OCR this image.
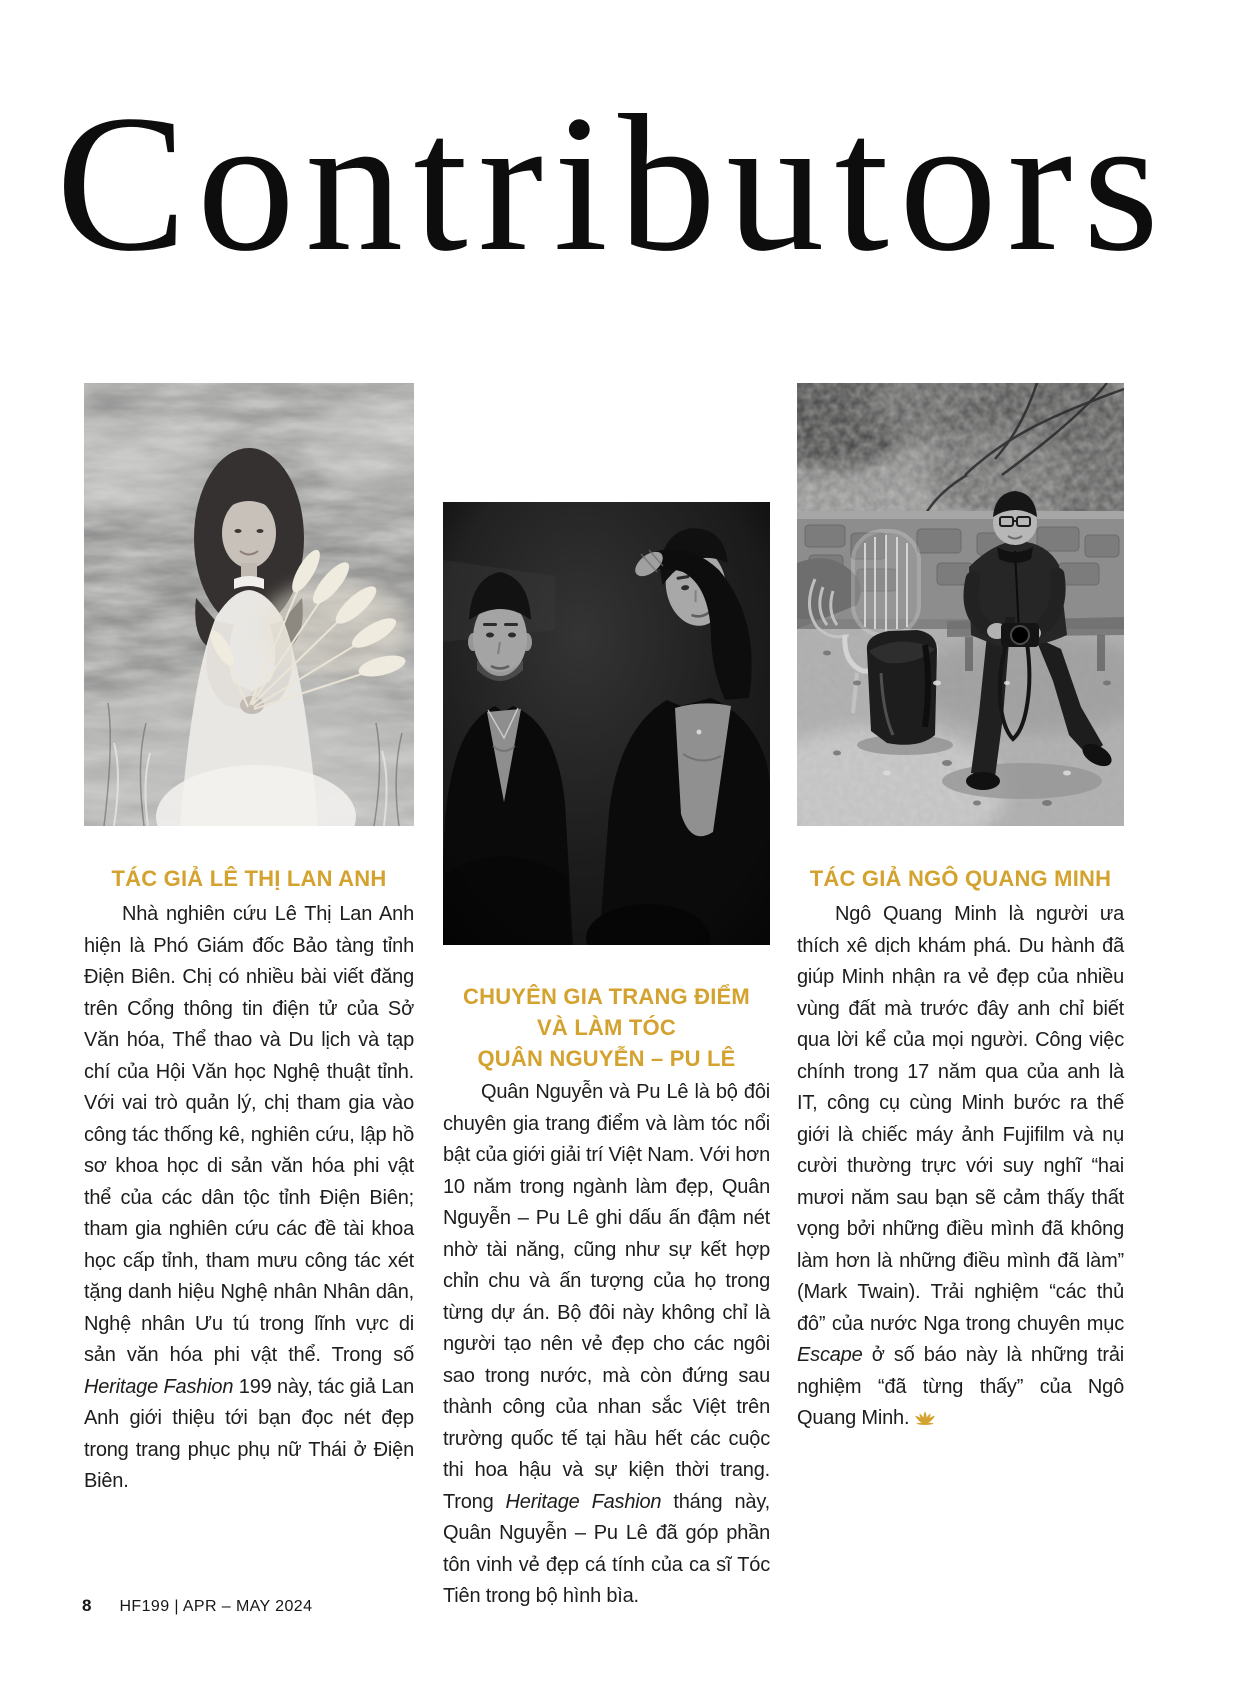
Contributors
TÁC GIẢ LÊ THỊ LAN ANH
CHUYÊN GIA TRANG ĐIỂM
VÀ LÀM TÓC
QUÂN NGUYỄN – PU LÊ
TÁC GIẢ NGÔ QUANG MINH

Nhà nghiên cứu Lê Thị Lan Anh hiện là Phó Giám đốc Bảo tàng tỉnh Điện Biên. Chị có nhiều bài viết đăng trên Cổng thông tin điện tử của Sở Văn hóa, Thể thao và Du lịch và tạp chí của Hội Văn học Nghệ thuật tỉnh. Với vai trò quản lý, chị tham gia vào công tác thống kê, nghiên cứu, lập hồ sơ khoa học di sản văn hóa phi vật thể của các dân tộc tỉnh Điện Biên; tham gia nghiên cứu các đề tài khoa học cấp tỉnh, tham mưu công tác xét tặng danh hiệu Nghệ nhân Nhân dân, Nghệ nhân Ưu tú trong lĩnh vực di sản văn hóa phi vật thể. Trong số Heritage Fashion 199 này, tác giả Lan Anh giới thiệu tới bạn đọc nét đẹp trong trang phục phụ nữ Thái ở Điện Biên.

Quân Nguyễn và Pu Lê là bộ đôi chuyên gia trang điểm và làm tóc nổi bật của giới giải trí Việt Nam. Với hơn 10 năm trong ngành làm đẹp, Quân Nguyễn – Pu Lê ghi dấu ấn đậm nét nhờ tài năng, cũng như sự kết hợp chỉn chu và ấn tượng của họ trong từng dự án. Bộ đôi này không chỉ là người tạo nên vẻ đẹp cho các ngôi sao trong nước, mà còn đứng sau thành công của nhan sắc Việt trên trường quốc tế tại hầu hết các cuộc thi hoa hậu và sự kiện thời trang. Trong Heritage Fashion tháng này, Quân Nguyễn – Pu Lê đã góp phần tôn vinh vẻ đẹp cá tính của ca sĩ Tóc Tiên trong bộ hình bìa.

Ngô Quang Minh là người ưa thích xê dịch khám phá. Du hành đã giúp Minh nhận ra vẻ đẹp của nhiều vùng đất mà trước đây anh chỉ biết qua lời kể của mọi người. Công việc chính trong 17 năm qua của anh là IT, công cụ cùng Minh bước ra thế giới là chiếc máy ảnh Fujifilm và nụ cười thường trực với suy nghĩ “hai mươi năm sau bạn sẽ cảm thấy thất vọng bởi những điều mình đã không làm hơn là những điều mình đã làm” (Mark Twain). Trải nghiệm “các thủ đô” của nước Nga trong chuyên mục Escape ở số báo này là những trải nghiệm “đã từng thấy” của Ngô Quang Minh.

8 HF199 | APR – MAY 2024
